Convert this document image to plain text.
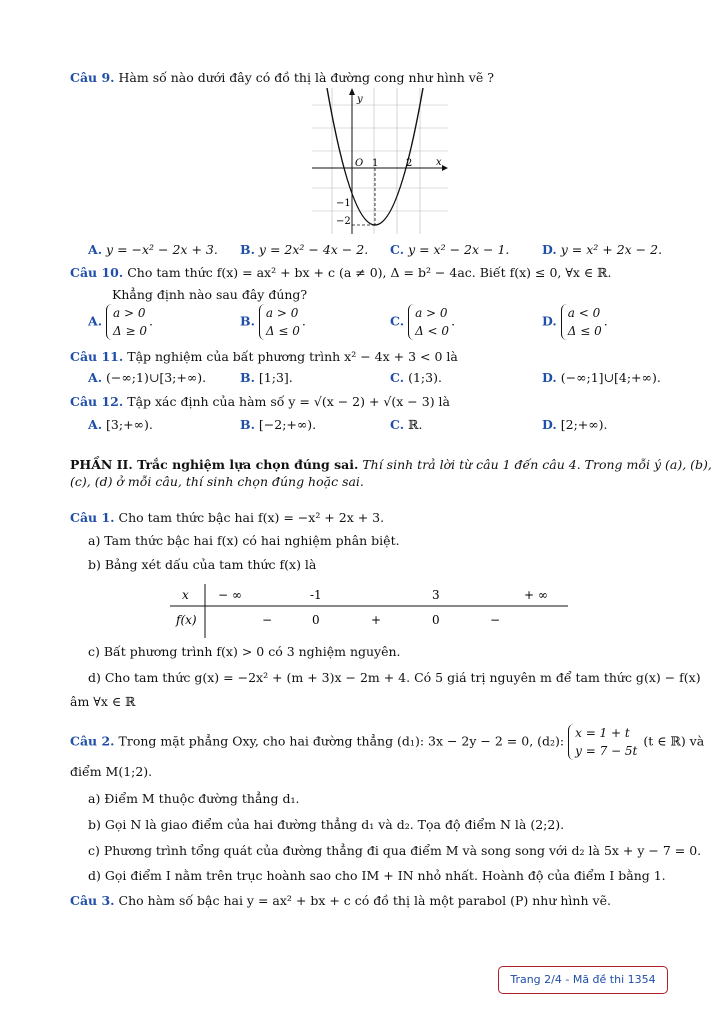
Câu 9. Hàm số nào dưới đây có đồ thị là đường cong như hình vẽ ?
y
x
O 1	2
−1
−2
A. y = −x² − 2x + 3. B. y = 2x² − 4x − 2. C. y = x² − 2x − 1.	D. y = x² + 2x − 2.
Câu 10. Cho tam thức f(x) = ax² + bx + c (a ≠ 0), Δ = b² − 4ac. Biết f(x) ≤ 0, ∀x ∈ ℝ.
Khẳng định nào sau đây đúng?
A. a > 0
Δ ≥ 0.	B. a > 0
Δ ≤ 0.	C. a > 0
Δ < 0.	D. a < 0
Δ ≤ 0.
Câu 11. Tập nghiệm của bất phương trình x² − 4x + 3 < 0 là
A. (−∞;1)∪[3;+∞).	B. [1;3].	C. (1;3).	D. (−∞;1]∪[4;+∞).
Câu 12. Tập xác định của hàm số y = √(x − 2) + √(x − 3) là
A. [3;+∞).	B. [−2;+∞).	C. ℝ.	D. [2;+∞).
PHẦN II. Trắc nghiệm lựa chọn đúng sai. Thí sinh trả lời từ câu 1 đến câu 4. Trong mỗi ý (a), (b),
(c), (d) ở mỗi câu, thí sinh chọn đúng hoặc sai.
Câu 1. Cho tam thức bậc hai f(x) = −x² + 2x + 3.
a) Tam thức bậc hai f(x) có hai nghiệm phân biệt.
b) Bảng xét dấu của tam thức f(x) là
x − ∞	-1	3	+ ∞
f(x)	−	0	+	0	−
c) Bất phương trình f(x) > 0 có 3 nghiệm nguyên.
d) Cho tam thức g(x) = −2x² + (m + 3)x − 2m + 4. Có 5 giá trị nguyên m để tam thức g(x) − f(x)
âm ∀x ∈ ℝ
Câu 2. Trong mặt phẳng Oxy, cho hai đường thẳng (d₁): 3x − 2y − 2 = 0, (d₂): x = 1 + t
y = 7 − 5t (t ∈ ℝ) và
điểm M(1;2).
a) Điểm M thuộc đường thẳng d₁.
b) Gọi N là giao điểm của hai đường thẳng d₁ và d₂. Tọa độ điểm N là (2;2).
c) Phương trình tổng quát của đường thẳng đi qua điểm M và song song với d₂ là 5x + y − 7 = 0.
d) Gọi điểm I nằm trên trục hoành sao cho IM + IN nhỏ nhất. Hoành độ của điểm I bằng 1.
Câu 3. Cho hàm số bậc hai y = ax² + bx + c có đồ thị là một parabol (P) như hình vẽ.
Trang 2/4 - Mã đề thi 1354
